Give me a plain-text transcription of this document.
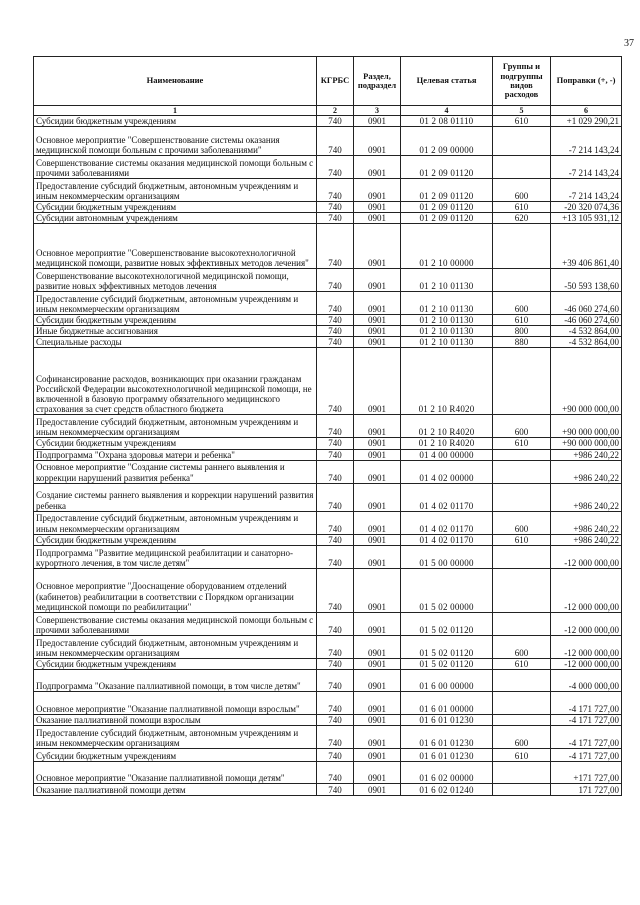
37
Наименование	КГРБС	Раздел, подраздел	Целевая статья	Группы и подгруппы видов расходов	Поправки (+, -)
1	2	3	4	5	6
Субсидии бюджетным учреждениям	740	0901	01 2 08 01110	610	+1 029 290,21
Основное мероприятие "Совершенствование системы оказания медицинской помощи больным с прочими заболеваниями"	740	0901	01 2 09 00000		-7 214 143,24
Совершенствование системы оказания медицинской помощи больным с прочими заболеваниями	740	0901	01 2 09 01120		-7 214 143,24
Предоставление субсидий бюджетным, автономным учреждениям и иным некоммерческим организациям	740	0901	01 2 09 01120	600	-7 214 143,24
Субсидии бюджетным учреждениям	740	0901	01 2 09 01120	610	-20 320 074,36
Субсидии автономным учреждениям	740	0901	01 2 09 01120	620	+13 105 931,12
Основное мероприятие "Совершенствование высокотехнологичной медицинской помощи, развитие новых эффективных методов лечения"	740	0901	01 2 10 00000		+39 406 861,40
Совершенствование высокотехнологичной медицинской помощи, развитие новых эффективных методов лечения	740	0901	01 2 10 01130		-50 593 138,60
Предоставление субсидий бюджетным, автономным учреждениям и иным некоммерческим организациям	740	0901	01 2 10 01130	600	-46 060 274,60
Субсидии бюджетным учреждениям	740	0901	01 2 10 01130	610	-46 060 274,60
Иные бюджетные ассигнования	740	0901	01 2 10 01130	800	-4 532 864,00
Специальные расходы	740	0901	01 2 10 01130	880	-4 532 864,00
Софинансирование расходов, возникающих при оказании гражданам Российской Федерации высокотехнологичной медицинской помощи, не включенной в базовую программу обязательного медицинского страхования за счет средств областного бюджета	740	0901	01 2 10 R4020		+90 000 000,00
Предоставление субсидий бюджетным, автономным учреждениям и иным некоммерческим организациям	740	0901	01 2 10 R4020	600	+90 000 000,00
Субсидии бюджетным учреждениям	740	0901	01 2 10 R4020	610	+90 000 000,00
Подпрограмма "Охрана здоровья матери и ребенка"	740	0901	01 4 00 00000		+986 240,22
Основное мероприятие "Создание системы раннего выявления и коррекции нарушений развития ребенка"	740	0901	01 4 02 00000		+986 240,22
Создание системы раннего выявления и коррекции нарушений развития ребенка	740	0901	01 4 02 01170		+986 240,22
Предоставление субсидий бюджетным, автономным учреждениям и иным некоммерческим организациям	740	0901	01 4 02 01170	600	+986 240,22
Субсидии бюджетным учреждениям	740	0901	01 4 02 01170	610	+986 240,22
Подпрограмма "Развитие медицинской реабилитации и санаторно-курортного лечения, в том числе детям"	740	0901	01 5 00 00000		-12 000 000,00
Основное мероприятие "Дооснащение оборудованием отделений (кабинетов) реабилитации в соответствии с Порядком организации медицинской помощи по реабилитации"	740	0901	01 5 02 00000		-12 000 000,00
Совершенствование системы оказания медицинской помощи больным с прочими заболеваниями	740	0901	01 5 02 01120		-12 000 000,00
Предоставление субсидий бюджетным, автономным учреждениям и иным некоммерческим организациям	740	0901	01 5 02 01120	600	-12 000 000,00
Субсидии бюджетным учреждениям	740	0901	01 5 02 01120	610	-12 000 000,00
Подпрограмма "Оказание паллиативной помощи, в том числе детям"	740	0901	01 6 00 00000		-4 000 000,00
Основное мероприятие "Оказание паллиативной помощи взрослым"	740	0901	01 6 01 00000		-4 171 727,00
Оказание паллиативной помощи взрослым	740	0901	01 6 01 01230		-4 171 727,00
Предоставление субсидий бюджетным, автономным учреждениям и иным некоммерческим организациям	740	0901	01 6 01 01230	600	-4 171 727,00
Субсидии бюджетным учреждениям	740	0901	01 6 01 01230	610	-4 171 727,00
Основное мероприятие "Оказание паллиативной помощи детям"	740	0901	01 6 02 00000		+171 727,00
Оказание паллиативной помощи детям	740	0901	01 6 02 01240		171 727,00
